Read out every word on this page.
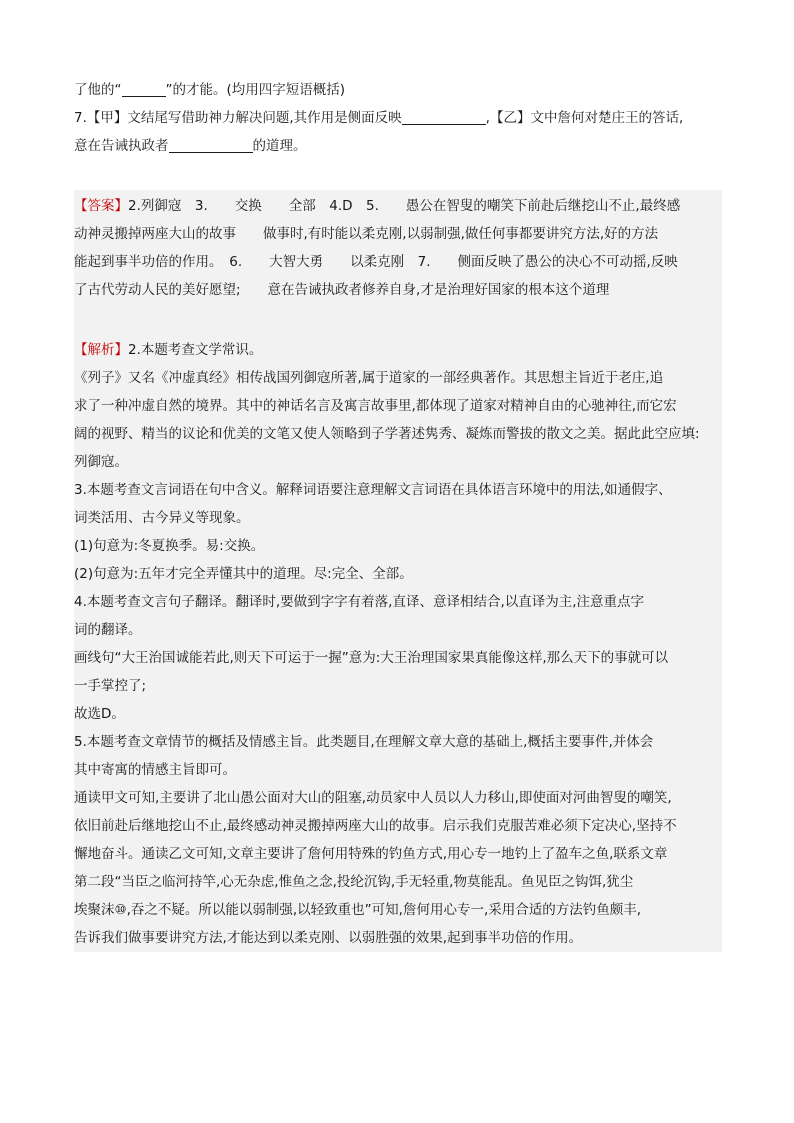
了他的“	”的才能。(均用四字短语概括)
7.【甲】文结尾写借助神力解决问题,其作用是侧面反映	,【乙】文中詹何对楚庄王的答话,
意在告诫执政者	的道理。
【答案】2.列御寇　3.　　交换　　全部　4.D　5.　　愚公在智叟的嘲笑下前赴后继挖山不止,最终感
动神灵搬掉两座大山的故事　　做事时,有时能以柔克刚,以弱制强,做任何事都要讲究方法,好的方法
能起到事半功倍的作用。　6.　　大智大勇　　以柔克刚　7.　　侧面反映了愚公的决心不可动摇,反映
了古代劳动人民的美好愿望;　　意在告诫执政者修养自身,才是治理好国家的根本这个道理
【解析】2.本题考查文学常识。
《列子》又名《冲虚真经》相传战国列御寇所著,属于道家的一部经典著作。其思想主旨近于老庄,追
求了一种冲虚自然的境界。其中的神话名言及寓言故事里,都体现了道家对精神自由的心驰神往,而它宏
阔的视野、精当的议论和优美的文笔又使人领略到子学著述隽秀、凝炼而警拔的散文之美。据此此空应填:
列御寇。
3.本题考查文言词语在句中含义。解释词语要注意理解文言词语在具体语言环境中的用法,如通假字、
词类活用、古今异义等现象。
(1)句意为:冬夏换季。易:交换。
(2)句意为:五年才完全弄懂其中的道理。尽:完全、全部。
4.本题考查文言句子翻译。翻译时,要做到字字有着落,直译、意译相结合,以直译为主,注意重点字
词的翻译。
画线句“大王治国诚能若此,则天下可运于一握”意为:大王治理国家果真能像这样,那么天下的事就可以
一手掌控了;
故选D。
5.本题考查文章情节的概括及情感主旨。此类题目,在理解文章大意的基础上,概括主要事件,并体会
其中寄寓的情感主旨即可。
通读甲文可知,主要讲了北山愚公面对大山的阻塞,动员家中人员以人力移山,即使面对河曲智叟的嘲笑,
依旧前赴后继地挖山不止,最终感动神灵搬掉两座大山的故事。启示我们克服苦难必须下定决心,坚持不
懈地奋斗。通读乙文可知,文章主要讲了詹何用特殊的钓鱼方式,用心专一地钓上了盈车之鱼,联系文章
第二段“当臣之临河持竿,心无杂虑,惟鱼之念,投纶沉钩,手无轻重,物莫能乱。鱼见臣之钩饵,犹尘
埃聚沫⑩,吞之不疑。所以能以弱制强,以轻致重也”可知,詹何用心专一,采用合适的方法钓鱼颇丰,
告诉我们做事要讲究方法,才能达到以柔克刚、以弱胜强的效果,起到事半功倍的作用。
